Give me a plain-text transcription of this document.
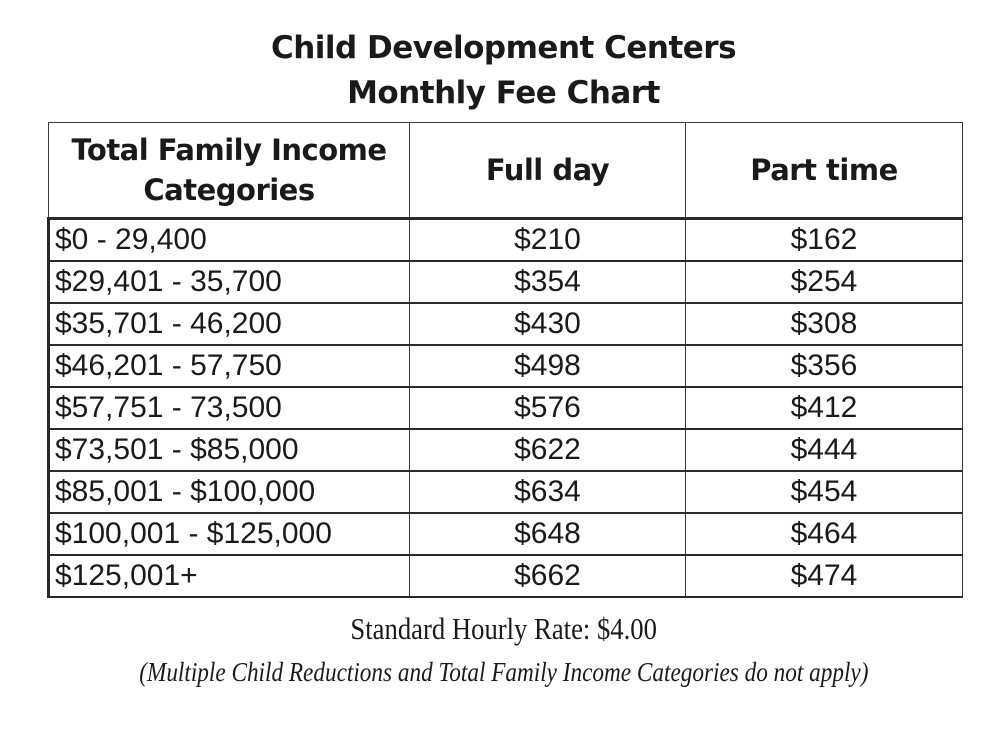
Child Development Centers
Monthly Fee Chart
Total Family Income Categories	Full day	Part time
$0 - 29,400	$210	$162
$29,401 - 35,700	$354	$254
$35,701 - 46,200	$430	$308
$46,201 - 57,750	$498	$356
$57,751 - 73,500	$576	$412
$73,501 - $85,000	$622	$444
$85,001 - $100,000	$634	$454
$100,001 - $125,000	$648	$464
$125,001+	$662	$474
Standard Hourly Rate: $4.00
(Multiple Child Reductions and Total Family Income Categories do not apply)
